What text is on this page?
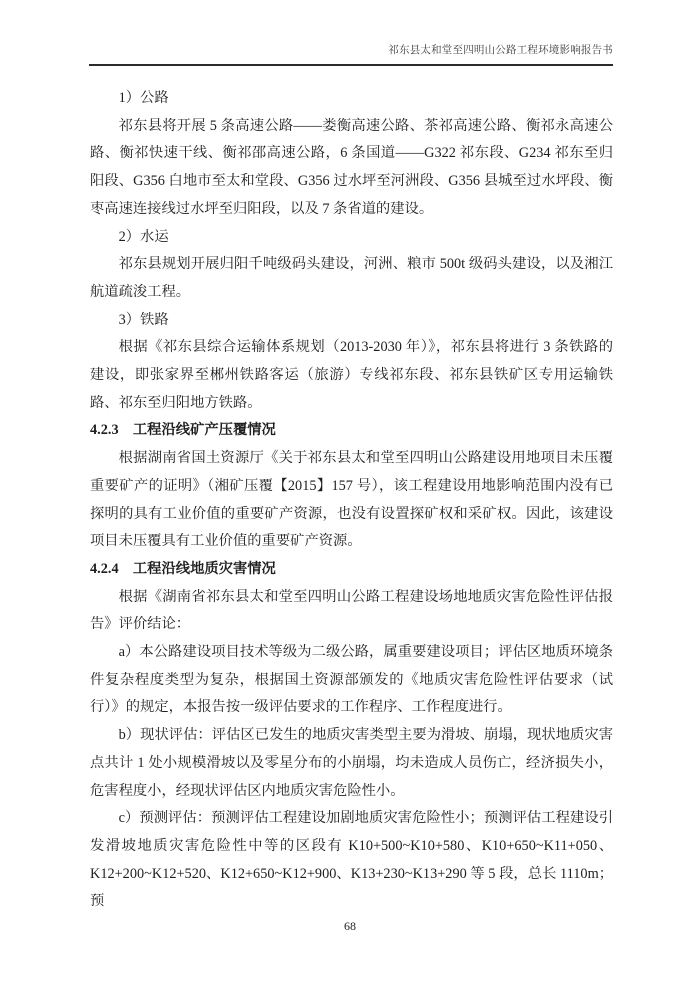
祁东县太和堂至四明山公路工程环境影响报告书

1）公路

祁东县将开展 5 条高速公路——娄衡高速公路、茶祁高速公路、衡祁永高速公路、衡祁快速干线、衡祁邵高速公路，6 条国道——G322 祁东段、G234 祁东至归阳段、G356 白地市至太和堂段、G356 过水坪至河洲段、G356 县城至过水坪段、衡枣高速连接线过水坪至归阳段，以及 7 条省道的建设。

2）水运

祁东县规划开展归阳千吨级码头建设，河洲、粮市 500t 级码头建设，以及湘江航道疏浚工程。

3）铁路

根据《祁东县综合运输体系规划（2013-2030 年）》，祁东县将进行 3 条铁路的建设，即张家界至郴州铁路客运（旅游）专线祁东段、祁东县铁矿区专用运输铁路、祁东至归阳地方铁路。

4.2.3　工程沿线矿产压覆情况

根据湖南省国土资源厅《关于祁东县太和堂至四明山公路建设用地项目未压覆重要矿产的证明》（湘矿压覆【2015】157 号），该工程建设用地影响范围内没有已探明的具有工业价值的重要矿产资源，也没有设置探矿权和采矿权。因此，该建设项目未压覆具有工业价值的重要矿产资源。

4.2.4　工程沿线地质灾害情况

根据《湖南省祁东县太和堂至四明山公路工程建设场地地质灾害危险性评估报告》评价结论：

a）本公路建设项目技术等级为二级公路，属重要建设项目；评估区地质环境条件复杂程度类型为复杂，根据国土资源部颁发的《地质灾害危险性评估要求（试行）》的规定，本报告按一级评估要求的工作程序、工作程度进行。

b）现状评估：评估区已发生的地质灾害类型主要为滑坡、崩塌，现状地质灾害点共计 1 处小规模滑坡以及零星分布的小崩塌，均未造成人员伤亡，经济损失小，危害程度小，经现状评估区内地质灾害危险性小。

c）预测评估：预测评估工程建设加剧地质灾害危险性小；预测评估工程建设引发滑坡地质灾害危险性中等的区段有 K10+500~K10+580、K10+650~K11+050、K12+200~K12+520、K12+650~K12+900、K13+230~K13+290 等 5 段，总长 1110m；预

68
